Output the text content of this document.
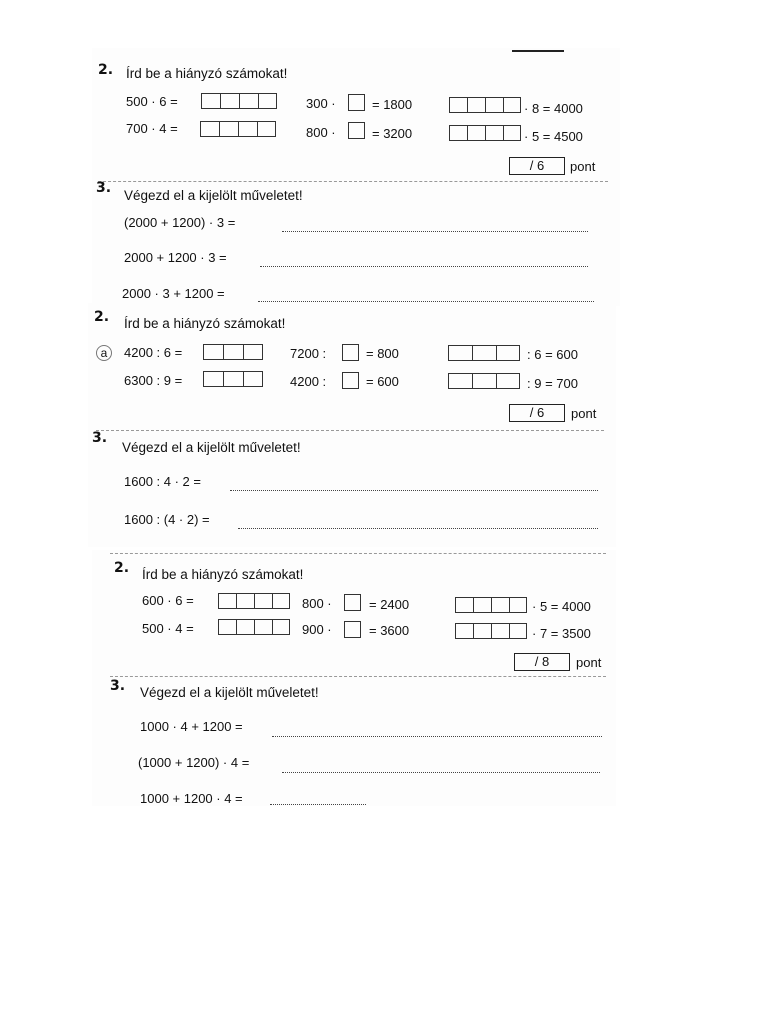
2. Írd be a hiányzó számokat!
500 · 6 =	300 ·	= 1800	· 8 = 4000
700 · 4 =	800 ·	= 3200	· 5 = 4500
/ 6	pont
3. Végezd el a kijelölt műveletet!
(2000 + 1200) · 3 =
2000 + 1200 · 3 =
2000 · 3 + 1200 =
2. Írd be a hiányzó számokat!
a	4200 : 6 =	7200 :	= 800	: 6 = 600
6300 : 9 =	4200 :	= 600	: 9 = 700
/ 6	pont
3.
Végezd el a kijelölt műveletet!
1600 : 4 · 2 =
1600 : (4 · 2) =
2. Írd be a hiányzó számokat!
600 · 6 =	800 ·	= 2400	· 5 = 4000
500 · 4 =	900 ·	= 3600	· 7 = 3500
/ 8	pont
3. Végezd el a kijelölt műveletet!
1000 · 4 + 1200 =
(1000 + 1200) · 4 =
1000 + 1200 · 4 =
